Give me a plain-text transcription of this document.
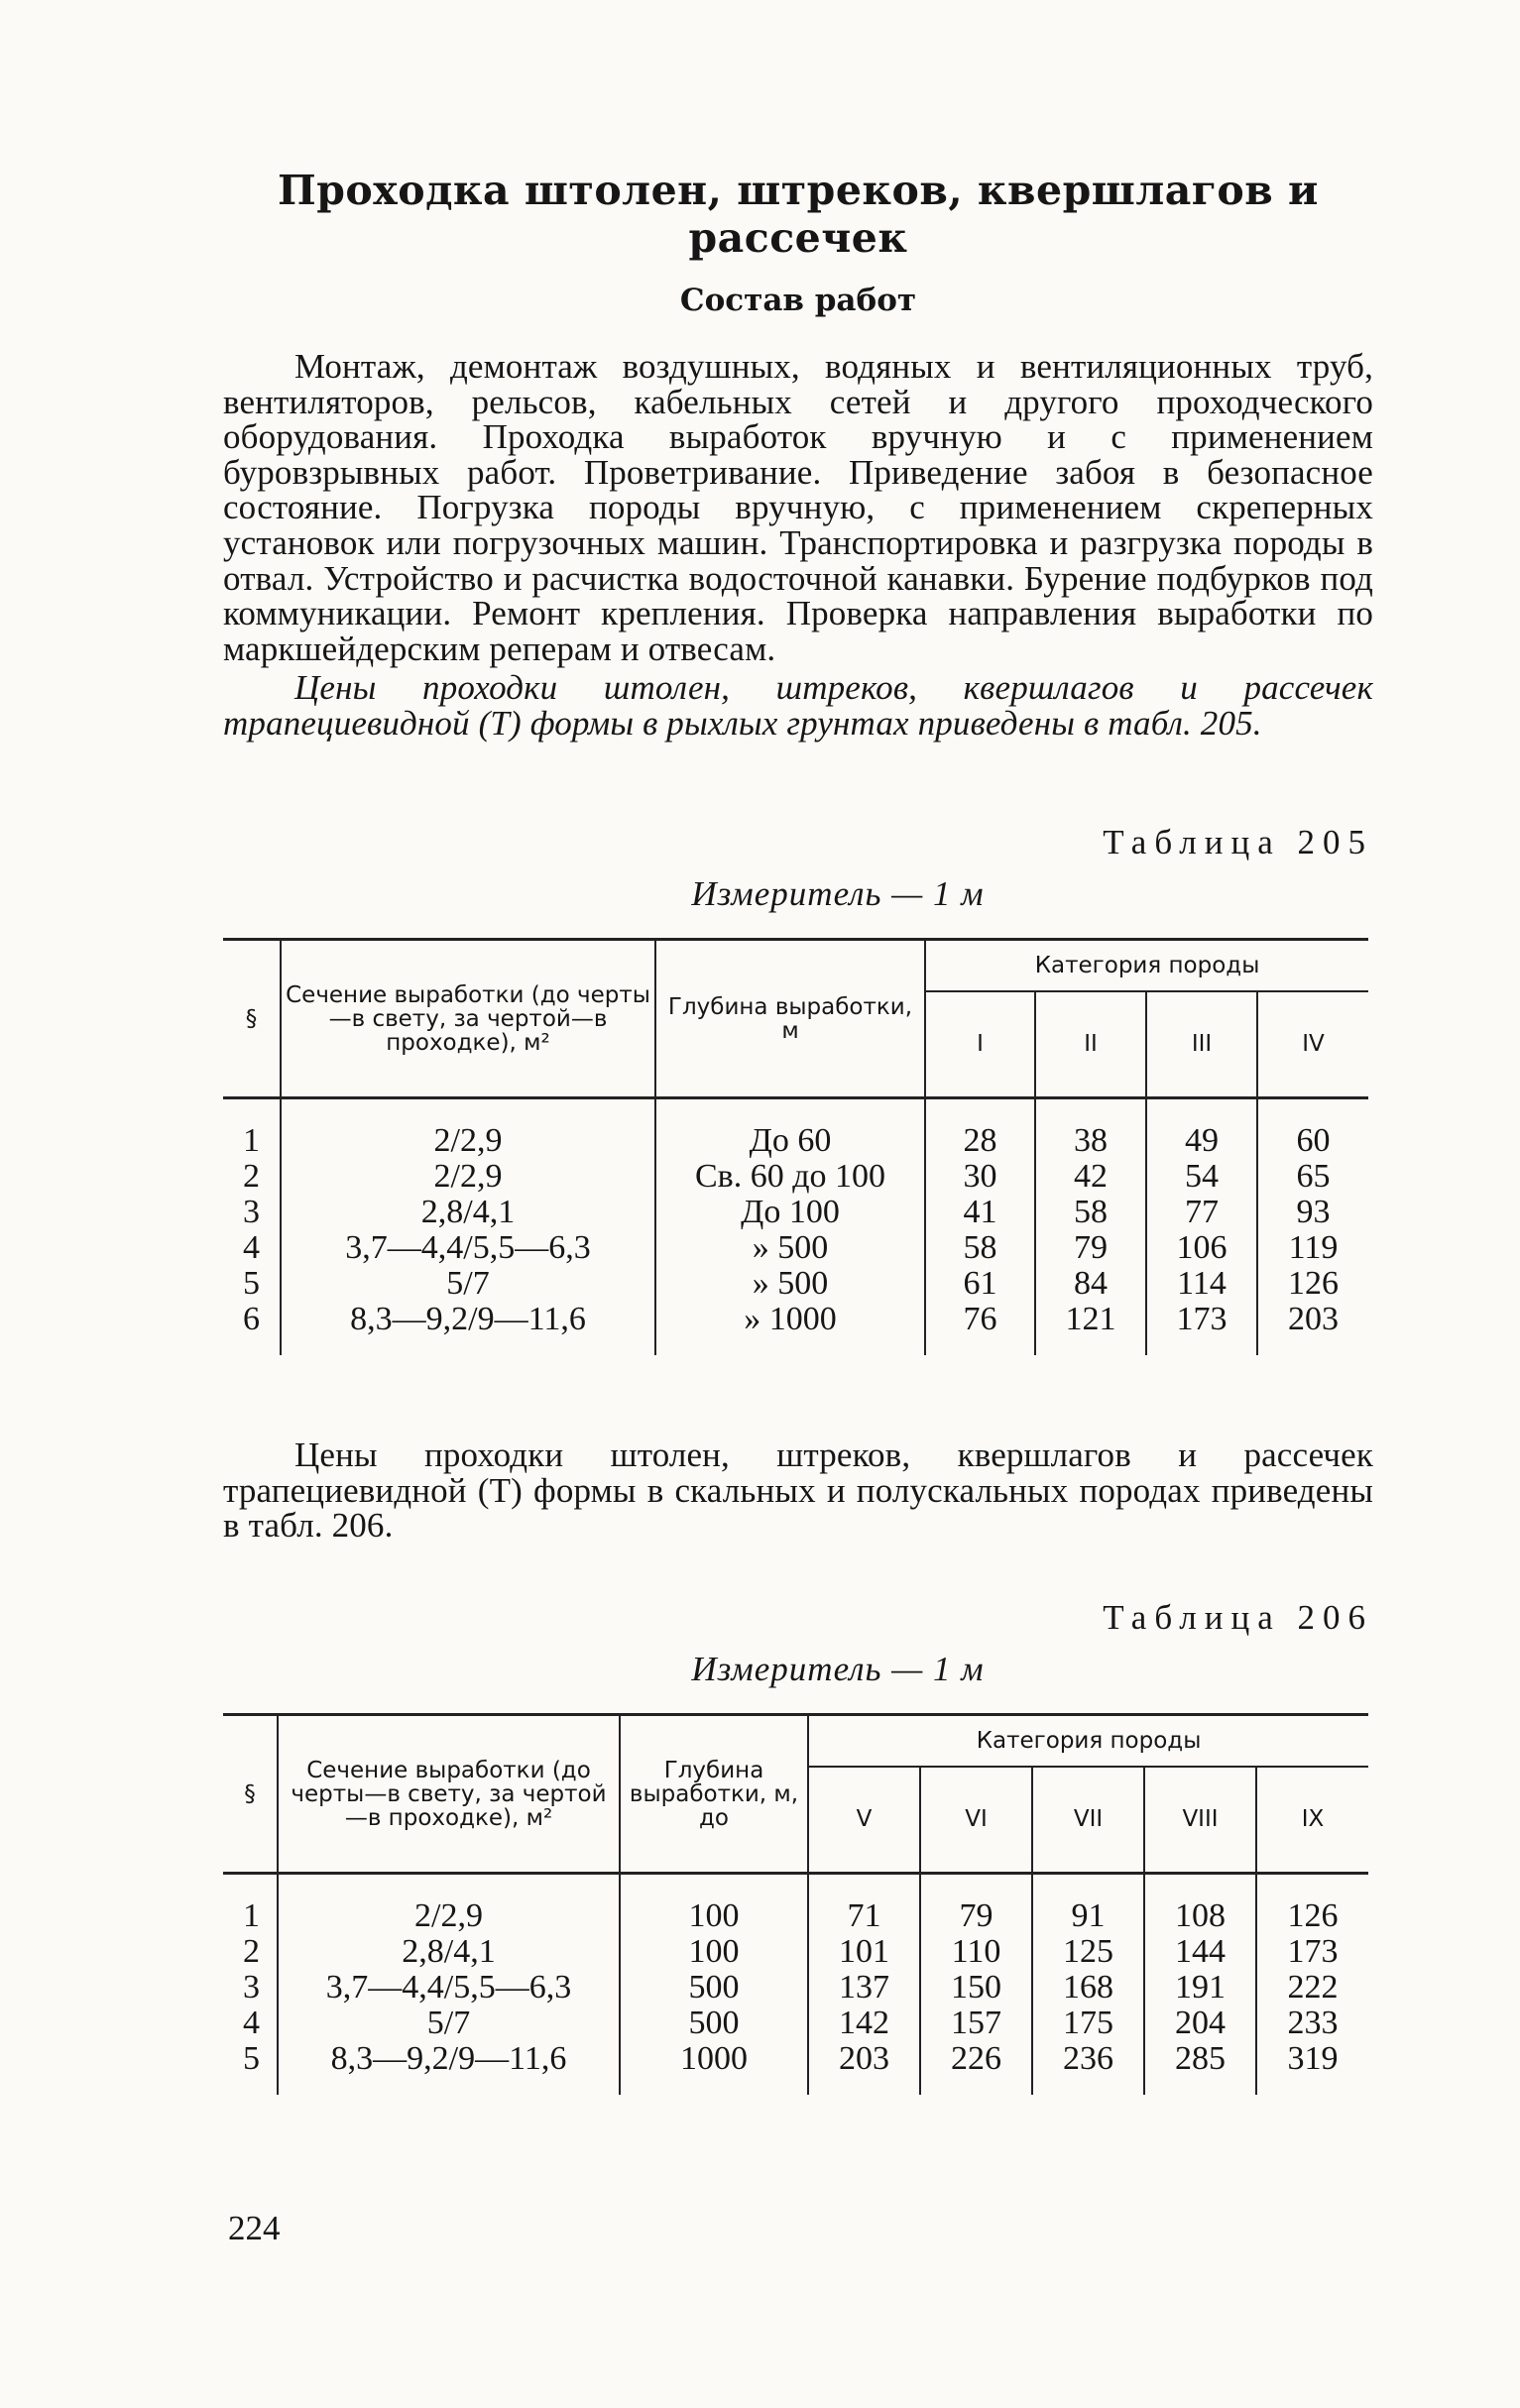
Проходка штолен, штреков, квершлагов и рассечек
Состав работ
Монтаж, демонтаж воздушных, водяных и вентиляционных труб, вентиляторов, рельсов, кабельных сетей и другого проходческого оборудования. Проходка выработок вручную и с применением буровзрывных работ. Проветривание. Приведение забоя в безопасное состояние. Погрузка породы вручную, с применением скреперных установок или погрузочных машин. Транспортировка и разгрузка породы в отвал. Устройство и расчистка водосточной канавки. Бурение подбурков под коммуникации. Ремонт крепления. Проверка направления выработки по маркшейдерским реперам и отвесам.
Цены проходки штолен, штреков, квершлагов и рассечек трапециевидной (Т) формы в рыхлых грунтах приведены в табл. 205.
Таблица 205
Измеритель — 1 м
§	Сечение выработки (до черты—в свету, за чертой—в проходке), м²	Глубина выработки, м	Категория породы			
			I	II	III	IV
1	2/2,9	До 60	28	38	49	60
2	2/2,9	Св. 60 до 100	30	42	54	65
3	2,8/4,1	До 100	41	58	77	93
4	3,7—4,4/5,5—6,3	» 500	58	79	106	119
5	5/7	» 500	61	84	114	126
6	8,3—9,2/9—11,6	» 1000	76	121	173	203
Цены проходки штолен, штреков, квершлагов и рассечек трапециевидной (Т) формы в скальных и полускальных породах приведены в табл. 206.
Таблица 206
Измеритель — 1 м
§	Сечение выработки (до черты—в свету, за чертой—в проходке), м²	Глубина выработки, м, до	Категория породы				
			V	VI	VII	VIII	IX
1	2/2,9	100	71	79	91	108	126
2	2,8/4,1	100	101	110	125	144	173
3	3,7—4,4/5,5—6,3	500	137	150	168	191	222
4	5/7	500	142	157	175	204	233
5	8,3—9,2/9—11,6	1000	203	226	236	285	319
224
